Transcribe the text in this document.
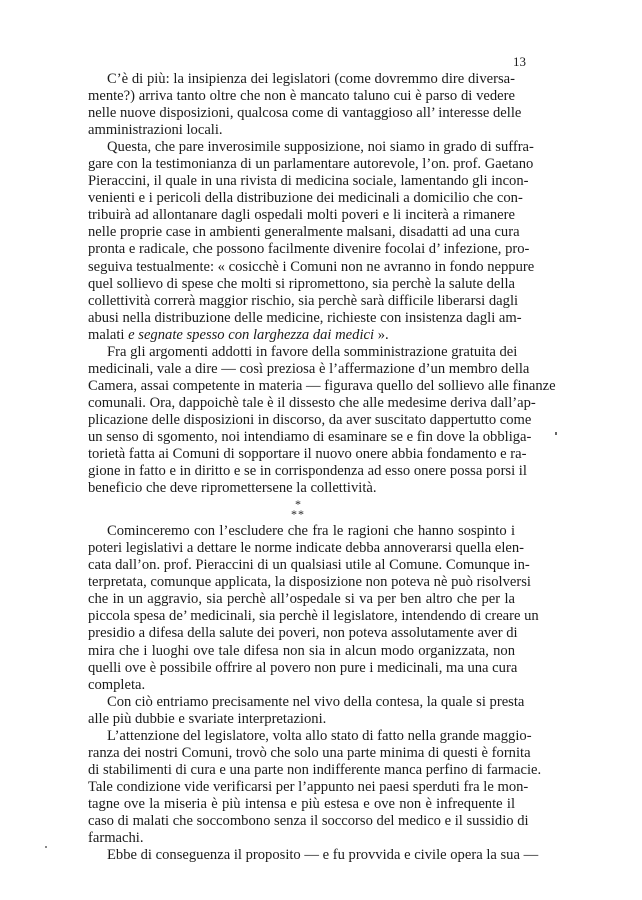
13
C’è di più: la insipienza dei legislatori (come dovremmo dire diversa-
mente?) arriva tanto oltre che non è mancato taluno cui è parso di vedere
nelle nuove disposizioni, qualcosa come di vantaggioso all’ interesse delle
amministrazioni locali.
Questa, che pare inverosimile supposizione, noi siamo in grado di suffra-
gare con la testimonianza di un parlamentare autorevole, l’on. prof. Gaetano
Pieraccini, il quale in una rivista di medicina sociale, lamentando gli incon-
venienti e i pericoli della distribuzione dei medicinali a domicilio che con-
tribuirà ad allontanare dagli ospedali molti poveri e li inciterà a rimanere
nelle proprie case in ambienti generalmente malsani, disadatti ad una cura
pronta e radicale, che possono facilmente divenire focolai d’ infezione, pro-
seguiva testualmente: « cosicchè i Comuni non ne avranno in fondo neppure
quel sollievo di spese che molti si ripromettono, sia perchè la salute della
collettività correrà maggior rischio, sia perchè sarà difficile liberarsi dagli
abusi nella distribuzione delle medicine, richieste con insistenza dagli am-
malati e segnate spesso con larghezza dai medici ».
Fra gli argomenti addotti in favore della somministrazione gratuita dei
medicinali, vale a dire — così preziosa è l’affermazione d’un membro della
Camera, assai competente in materia — figurava quello del sollievo alle finanze
comunali. Ora, dappoichè tale è il dissesto che alle medesime deriva dall’ap-
plicazione delle disposizioni in discorso, da aver suscitato dappertutto come
un senso di sgomento, noi intendiamo di esaminare se e fin dove la obbliga-
torietà fatta ai Comuni di sopportare il nuovo onere abbia fondamento e ra-
gione in fatto e in diritto e se in corrispondenza ad esso onere possa porsi il
beneficio che deve ripromettersene la collettività.
*
**
Cominceremo con l’escludere che fra le ragioni che hanno sospinto i
poteri legislativi a dettare le norme indicate debba annoverarsi quella elen-
cata dall’on. prof. Pieraccini di un qualsiasi utile al Comune. Comunque in-
terpretata, comunque applicata, la disposizione non poteva nè può risolversi
che in un aggravio, sia perchè all’ospedale si va per ben altro che per la
piccola spesa de’ medicinali, sia perchè il legislatore, intendendo di creare un
presidio a difesa della salute dei poveri, non poteva assolutamente aver di
mira che i luoghi ove tale difesa non sia in alcun modo organizzata, non
quelli ove è possibile offrire al povero non pure i medicinali, ma una cura
completa.
Con ciò entriamo precisamente nel vivo della contesa, la quale si presta
alle più dubbie e svariate interpretazioni.
L’attenzione del legislatore, volta allo stato di fatto nella grande maggio-
ranza dei nostri Comuni, trovò che solo una parte minima di questi è fornita
di stabilimenti di cura e una parte non indifferente manca perfino di farmacie.
Tale condizione vide verificarsi per l’appunto nei paesi sperduti fra le mon-
tagne ove la miseria è più intensa e più estesa e ove non è infrequente il
caso di malati che soccombono senza il soccorso del medico e il sussidio di
farmachi.
Ebbe di conseguenza il proposito — e fu provvida e civile opera la sua —
